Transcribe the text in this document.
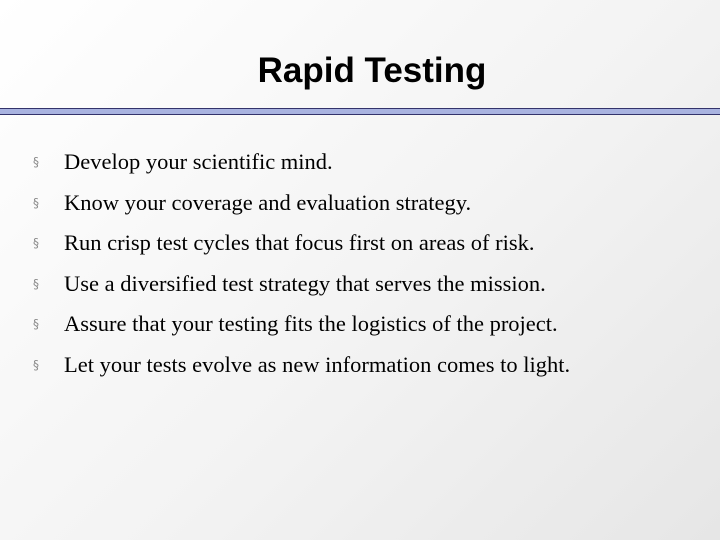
Rapid Testing
§ Develop your scientific mind.
§ Know your coverage and evaluation strategy.
§ Run crisp test cycles that focus first on areas of risk.
§ Use a diversified test strategy that serves the mission.
§ Assure that your testing fits the logistics of the project.
§ Let your tests evolve as new information comes to light.
